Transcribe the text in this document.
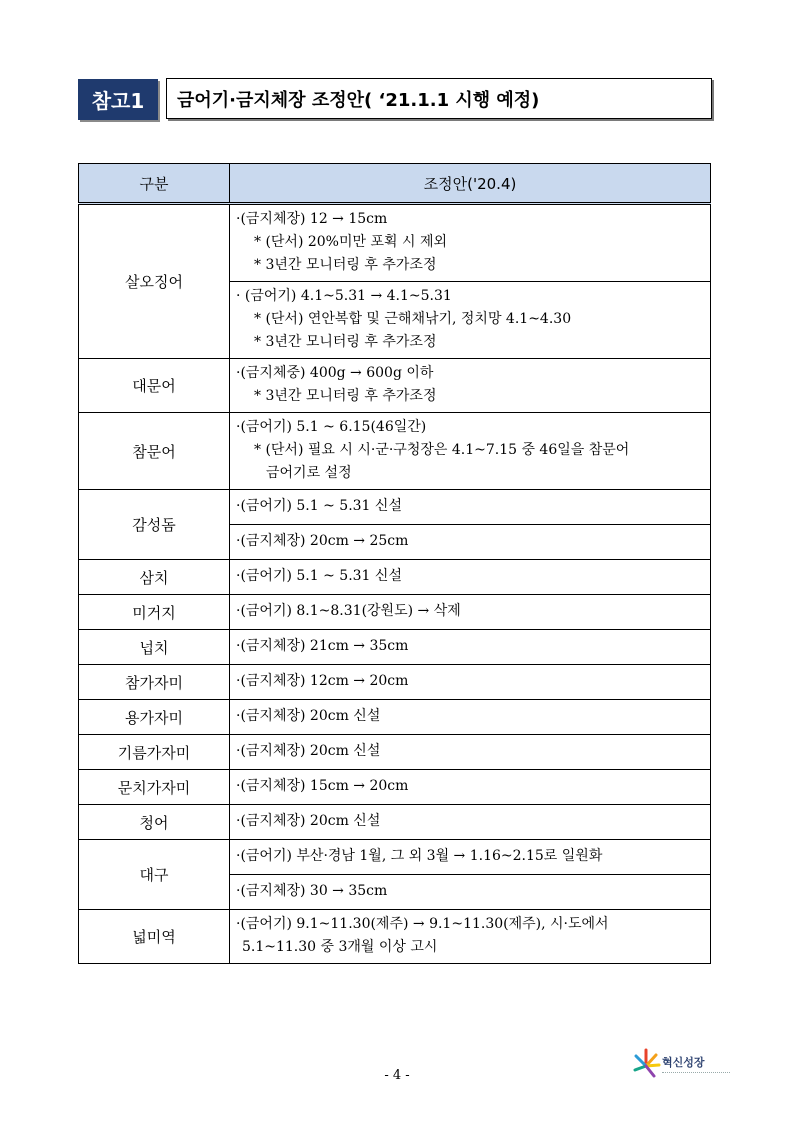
참고1	금어기·금지체장 조정안( ‘21.1.1 시행 예정)
구분	조정안('20.4)
살오징어	·(금지체장) 12 → 15cm
* (단서) 20%미만 포획 시 제외
* 3년간 모니터링 후 추가조정

	· (금어기) 4.1~5.31 → 4.1~5.31
* (단서) 연안복합 및 근해채낚기, 정치망 4.1~4.30
* 3년간 모니터링 후 추가조정

대문어	·(금지체중) 400g → 600g 이하
* 3년간 모니터링 후 추가조정

참문어	·(금어기) 5.1 ~ 6.15(46일간)
* (단서) 필요 시 시·군·구청장은 4.1~7.15 중 46일을 참문어
금어기로 설정

감성돔	·(금어기) 5.1 ~ 5.31 신설
	·(금지체장) 20cm → 25cm
삼치	·(금어기) 5.1 ~ 5.31 신설
미거지	·(금어기) 8.1~8.31(강원도) → 삭제
넙치	·(금지체장) 21cm → 35cm
참가자미	·(금지체장) 12cm → 20cm
용가자미	·(금지체장) 20cm 신설
기름가자미	·(금지체장) 20cm 신설
문치가자미	·(금지체장) 15cm → 20cm
청어	·(금지체장) 20cm 신설
대구	·(금어기) 부산·경남 1월, 그 외 3월 → 1.16~2.15로 일원화
	·(금지체장) 30 → 35cm
넓미역	·(금어기) 9.1~11.30(제주) → 9.1~11.30(제주), 시·도에서
5.1~11.30 중 3개월 이상 고시
- 4 -
혁신성장
